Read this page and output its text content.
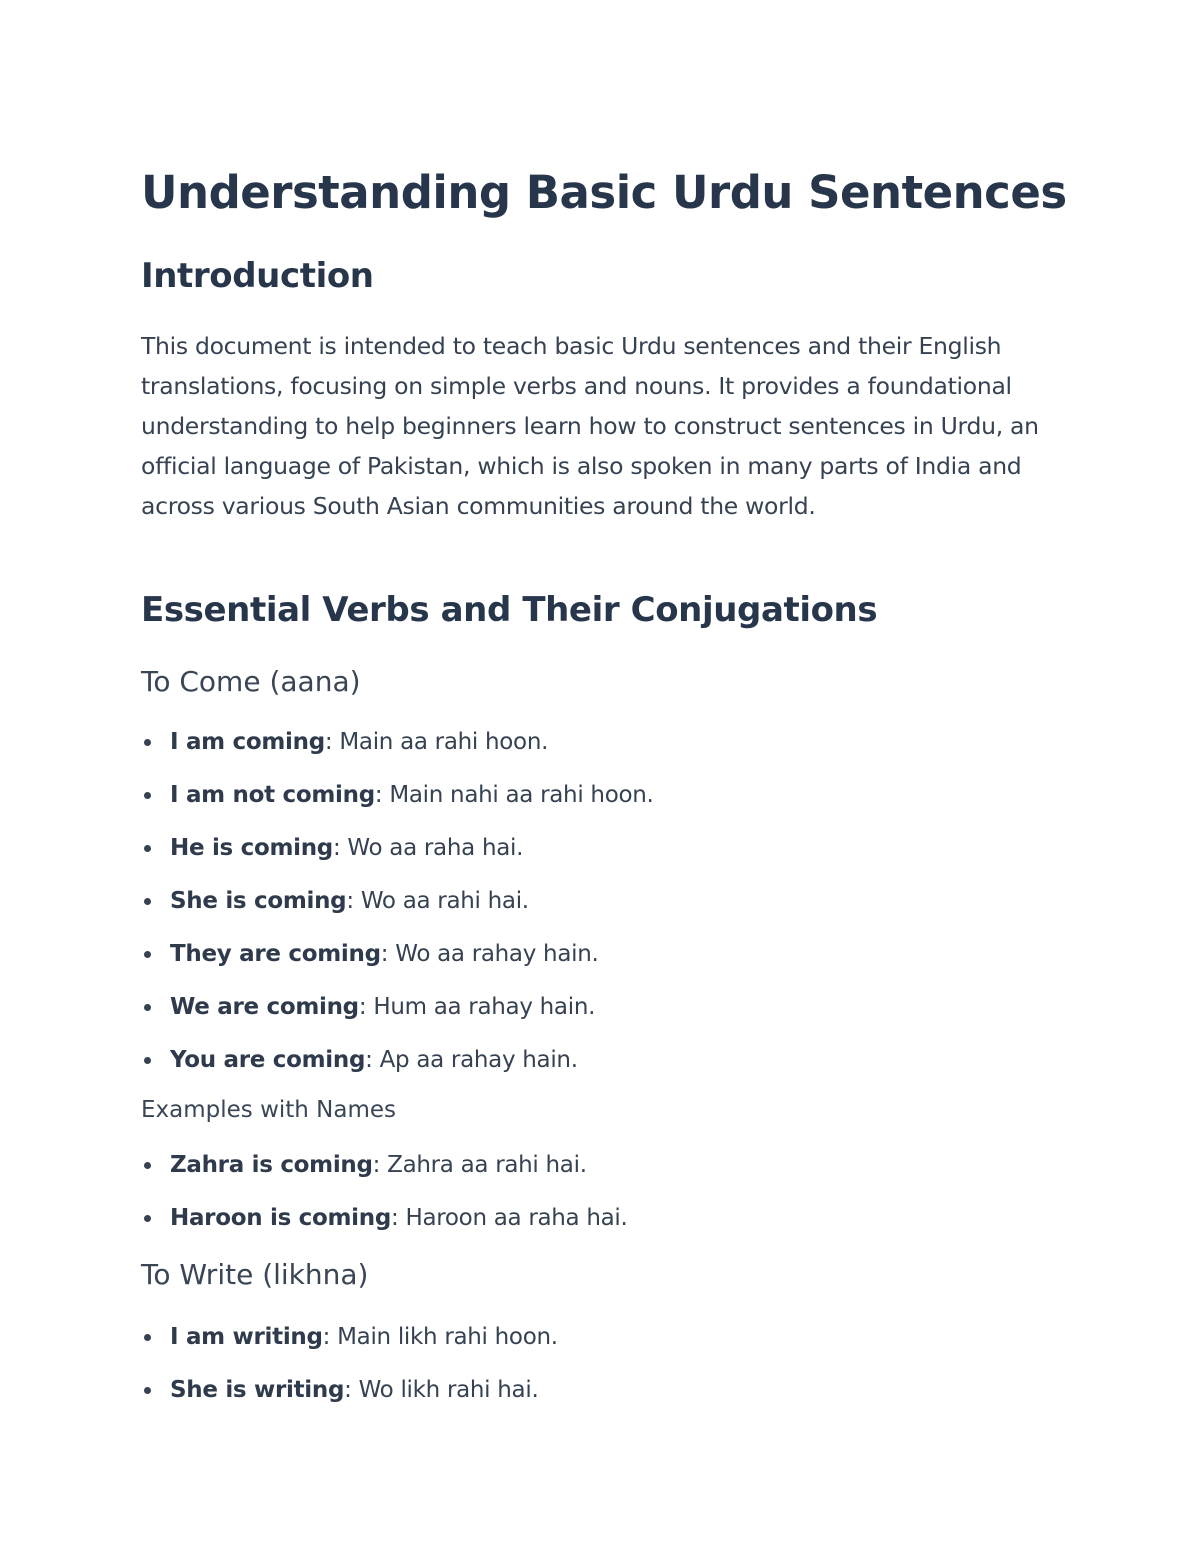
Understanding Basic Urdu Sentences
Introduction

This document is intended to teach basic Urdu sentences and their English translations, focusing on simple verbs and nouns. It provides a foundational understanding to help beginners learn how to construct sentences in Urdu, an official language of Pakistan, which is also spoken in many parts of India and across various South Asian communities around the world.

Essential Verbs and Their Conjugations
To Come (aana)
I am coming: Main aa rahi hoon.
I am not coming: Main nahi aa rahi hoon.
He is coming: Wo aa raha hai.
She is coming: Wo aa rahi hai.
They are coming: Wo aa rahay hain.
We are coming: Hum aa rahay hain.
You are coming: Ap aa rahay hain.
Examples with Names
Zahra is coming: Zahra aa rahi hai.
Haroon is coming: Haroon aa raha hai.
To Write (likhna)
I am writing: Main likh rahi hoon.
She is writing: Wo likh rahi hai.
